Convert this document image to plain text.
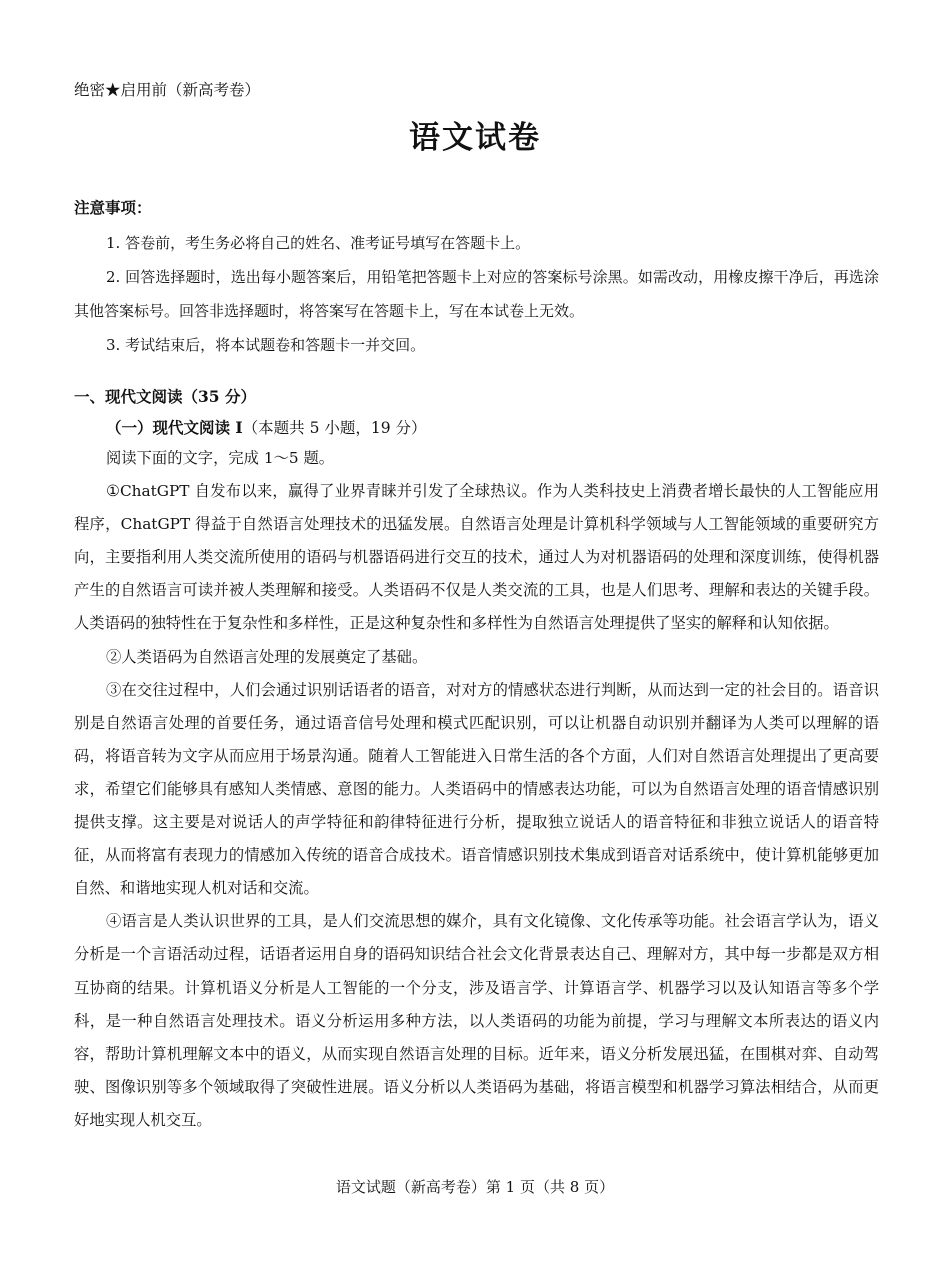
绝密★启用前（新高考卷）
语文试卷
注意事项：

1. 答卷前，考生务必将自己的姓名、准考证号填写在答题卡上。

2. 回答选择题时，选出每小题答案后，用铅笔把答题卡上对应的答案标号涂黑。如需改动，用橡皮擦干净后，再选涂其他答案标号。回答非选择题时，将答案写在答题卡上，写在本试卷上无效。

3. 考试结束后，将本试题卷和答题卡一并交回。

一、现代文阅读（35 分）
（一）现代文阅读 I（本题共 5 小题，19 分）

阅读下面的文字，完成 1～5 题。

①ChatGPT 自发布以来，赢得了业界青睐并引发了全球热议。作为人类科技史上消费者增长最快的人工智能应用程序，ChatGPT 得益于自然语言处理技术的迅猛发展。自然语言处理是计算机科学领域与人工智能领域的重要研究方向，主要指利用人类交流所使用的语码与机器语码进行交互的技术，通过人为对机器语码的处理和深度训练，使得机器产生的自然语言可读并被人类理解和接受。人类语码不仅是人类交流的工具，也是人们思考、理解和表达的关键手段。人类语码的独特性在于复杂性和多样性，正是这种复杂性和多样性为自然语言处理提供了坚实的解释和认知依据。

②人类语码为自然语言处理的发展奠定了基础。

③在交往过程中，人们会通过识别话语者的语音，对对方的情感状态进行判断，从而达到一定的社会目的。语音识别是自然语言处理的首要任务，通过语音信号处理和模式匹配识别，可以让机器自动识别并翻译为人类可以理解的语码，将语音转为文字从而应用于场景沟通。随着人工智能进入日常生活的各个方面，人们对自然语言处理提出了更高要求，希望它们能够具有感知人类情感、意图的能力。人类语码中的情感表达功能，可以为自然语言处理的语音情感识别提供支撑。这主要是对说话人的声学特征和韵律特征进行分析，提取独立说话人的语音特征和非独立说话人的语音特征，从而将富有表现力的情感加入传统的语音合成技术。语音情感识别技术集成到语音对话系统中，使计算机能够更加自然、和谐地实现人机对话和交流。

④语言是人类认识世界的工具，是人们交流思想的媒介，具有文化镜像、文化传承等功能。社会语言学认为，语义分析是一个言语活动过程，话语者运用自身的语码知识结合社会文化背景表达自己、理解对方，其中每一步都是双方相互协商的结果。计算机语义分析是人工智能的一个分支，涉及语言学、计算语言学、机器学习以及认知语言等多个学科，是一种自然语言处理技术。语义分析运用多种方法，以人类语码的功能为前提，学习与理解文本所表达的语义内容，帮助计算机理解文本中的语义，从而实现自然语言处理的目标。近年来，语义分析发展迅猛，在围棋对弈、自动驾驶、图像识别等多个领域取得了突破性进展。语义分析以人类语码为基础，将语言模型和机器学习算法相结合，从而更好地实现人机交互。

语文试题（新高考卷）第 1 页（共 8 页）
